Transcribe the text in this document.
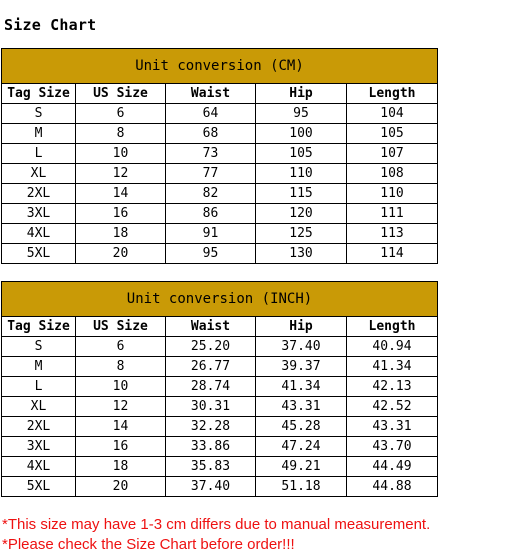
Size Chart
Unit conversion (CM)				
Tag Size	US Size	Waist	Hip	Length
S	6	64	95	104
M	8	68	100	105
L	10	73	105	107
XL	12	77	110	108
2XL	14	82	115	110
3XL	16	86	120	111
4XL	18	91	125	113
5XL	20	95	130	114
Unit conversion (INCH)				
Tag Size	US Size	Waist	Hip	Length
S	6	25.20	37.40	40.94
M	8	26.77	39.37	41.34
L	10	28.74	41.34	42.13
XL	12	30.31	43.31	42.52
2XL	14	32.28	45.28	43.31
3XL	16	33.86	47.24	43.70
4XL	18	35.83	49.21	44.49
5XL	20	37.40	51.18	44.88
*This size may have 1-3 cm differs due to manual measurement.
*Please check the Size Chart before order!!!
